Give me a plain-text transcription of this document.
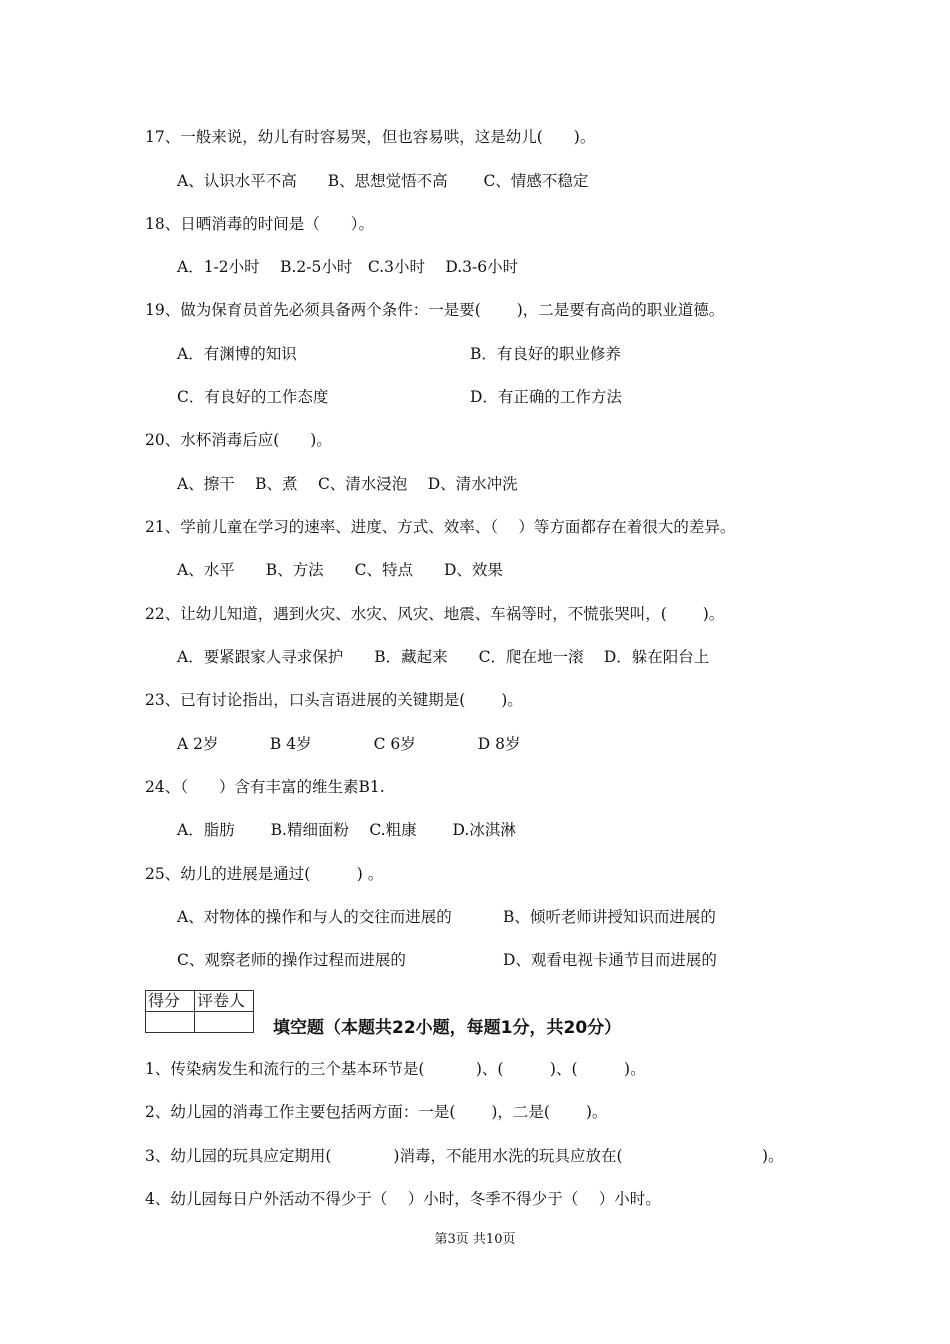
17、一般来说，幼儿有时容易哭，但也容易哄，这是幼儿(　　)。
A、认识水平不高　　B、思想觉悟不高　　 C、情感不稳定
18、日晒消毒的时间是（　　）。
A．1-2小时　 B.2-5小时　C.3小时　 D.3-6小时
19、做为保育员首先必须具备两个条件：一是要(　　 )，二是要有高尚的职业道德。
A．有渊博的知识	B．有良好的职业修养
C．有良好的工作态度	D．有正确的工作方法
20、水杯消毒后应(　　)。
A、擦干　 B、煮　 C、清水浸泡　 D、清水冲洗
21、学前儿童在学习的速率、进度、方式、效率、（　 ）等方面都存在着很大的差异。
A、水平　　B、方法　　C、特点　　D、效果
22、让幼儿知道，遇到火灾、水灾、风灾、地震、车祸等时，不慌张哭叫，(　　 )。
A．要紧跟家人寻求保护　　B．藏起来　　C．爬在地一滚　 D．躲在阳台上
23、已有讨论指出，口头言语进展的关键期是(　　 )。
A 2岁　　　 B 4岁　　　　C 6岁　　　　D 8岁
24、（　　）含有丰富的维生素B1.
A．脂肪　　 B.精细面粉　 C.粗康　　 D.冰淇淋
25、幼儿的进展是通过(　　　) 。
A、对物体的操作和与人的交往而进展的	B、倾听老师讲授知识而进展的
C、观察老师的操作过程而进展的	D、观看电视卡通节目而进展的
得分	评卷人

填空题（本题共22小题，每题1分，共20分）
1、传染病发生和流行的三个基本环节是(　　　 )、(　　　)、(　　　)。
2、幼儿园的消毒工作主要包括两方面：一是(　　 )，二是(　　 )。
3、幼儿园的玩具应定期用(　　　　)消毒，不能用水洗的玩具应放在(　　　　　　　　　)。
4、幼儿园每日户外活动不得少于（　 ）小时，冬季不得少于（　 ）小时。
第3页 共10页
